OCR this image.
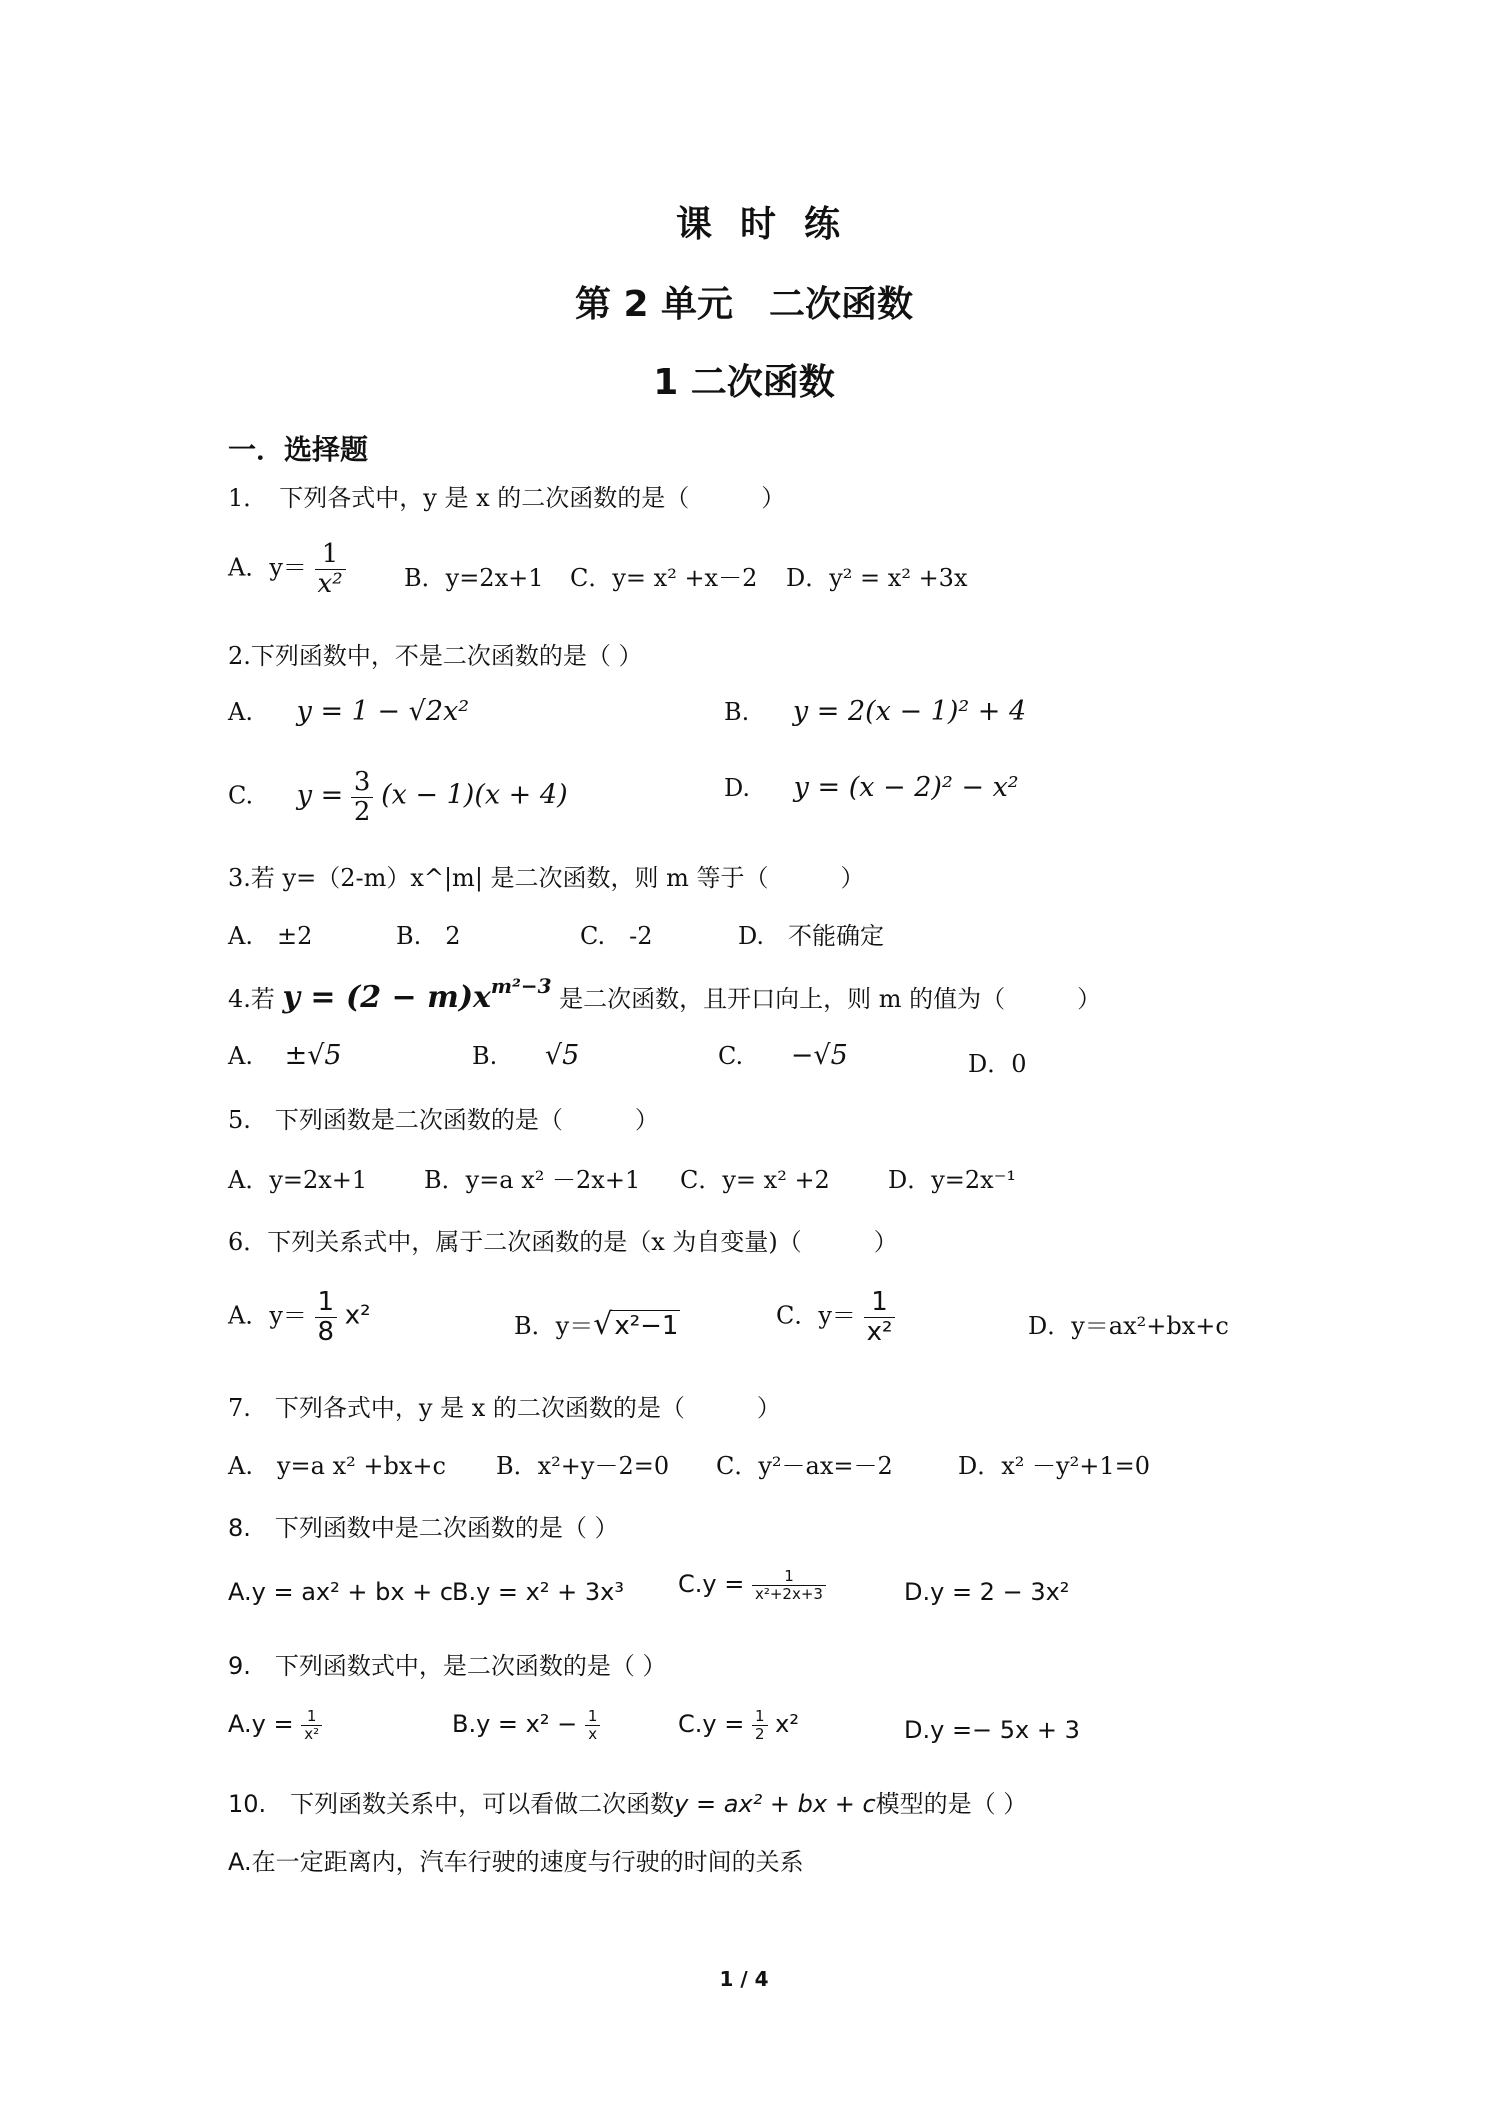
课时练
第 2 单元　二次函数
1 二次函数
一．选择题
1．　下列各式中，y 是 x 的二次函数的是（　　　）
A．$y= \frac{1}{\text{x²}}$ B．y=2x+1 C．y= x² +x－2 D．y² = x² +3x
2.下列函数中，不是二次函数的是（ ）
A. y = 1 − √2x²	B. y = 2(x − 1)² + 4
C. $y = \frac{3}{2} (x - 1)(x + 4)$	D. y = (x − 2)² − x²
3.若 y=（2-m）x^|m| 是二次函数，则 m 等于（　　　）
A.　±2	B.　2	C.　-2	D.　不能确定
4.若 $y = (2 - m)x^{m^2-3}$ 是二次函数，且开口向上，则 m 的值为（　　　）
A. ±√5	B. √5	C. −√5	D．0
5.　下列函数是二次函数的是（　　　）
A．y=2x+1 B．y=a x² －2x+1 C．y= x² +2 D．y=2x⁻¹
6．下列关系式中，属于二次函数的是（x 为自变量)（　　　）
A．$y= \frac{1}{8} x^2$	B．y＝√x²−1	C．$y= \frac{1}{\text{x²}}$	D．y＝ax²+bx+c
7.　下列各式中，y 是 x 的二次函数的是（　　　）
A.　y=a x² +bx+c B．x²+y－2=0 C．y²－ax=－2	D．x² －y²+1=0
8.　下列函数中是二次函数的是（ ）
A.y = ax² + bx + c
B.y = x² + 3x³ $C.y = \frac{1}{\text{x²+2x+3}}$	D.y = 2 − 3x²
9.　下列函数式中，是二次函数的是（ ）
$A.y = \frac{1}{\text{x²}}$	$B.y = x^2 - \frac{1}{x}$	$C.y = \frac{1}{2} x^2$	D.y =− 5x + 3
10.　下列函数关系中，可以看做二次函数y = ax² + bx + c模型的是（ ）
A.在一定距离内，汽车行驶的速度与行驶的时间的关系
1 / 4
